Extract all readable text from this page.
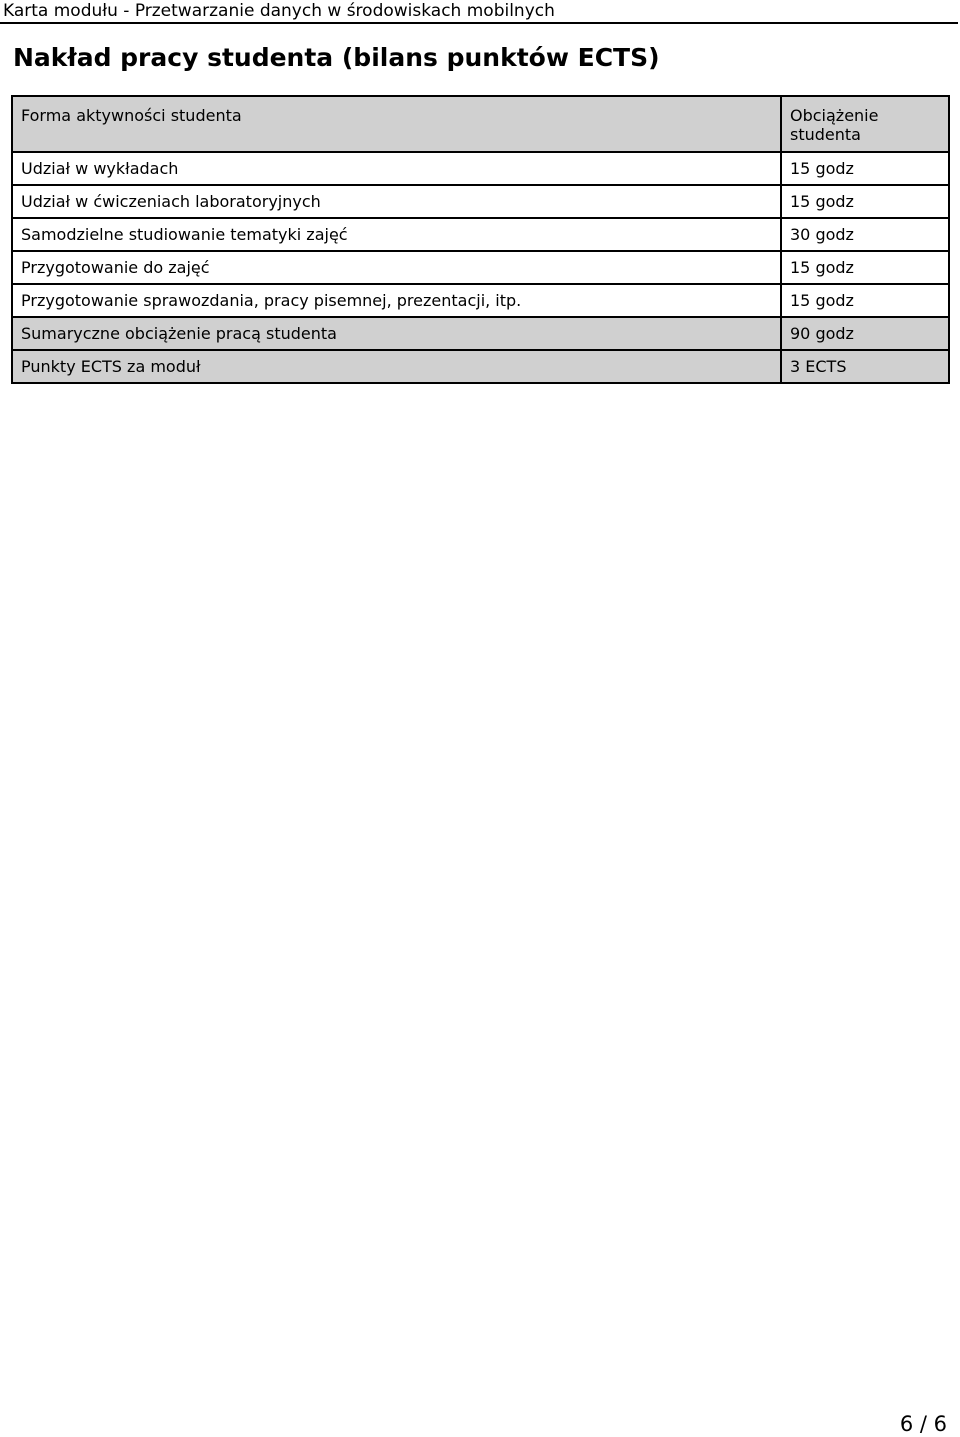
Karta modułu - Przetwarzanie danych w środowiskach mobilnych
Nakład pracy studenta (bilans punktów ECTS)
Forma aktywności studenta	Obciążenie studenta
Udział w wykładach	15 godz
Udział w ćwiczeniach laboratoryjnych	15 godz
Samodzielne studiowanie tematyki zajęć	30 godz
Przygotowanie do zajęć	15 godz
Przygotowanie sprawozdania, pracy pisemnej, prezentacji, itp.	15 godz
Sumaryczne obciążenie pracą studenta	90 godz
Punkty ECTS za moduł	3 ECTS
6 / 6
